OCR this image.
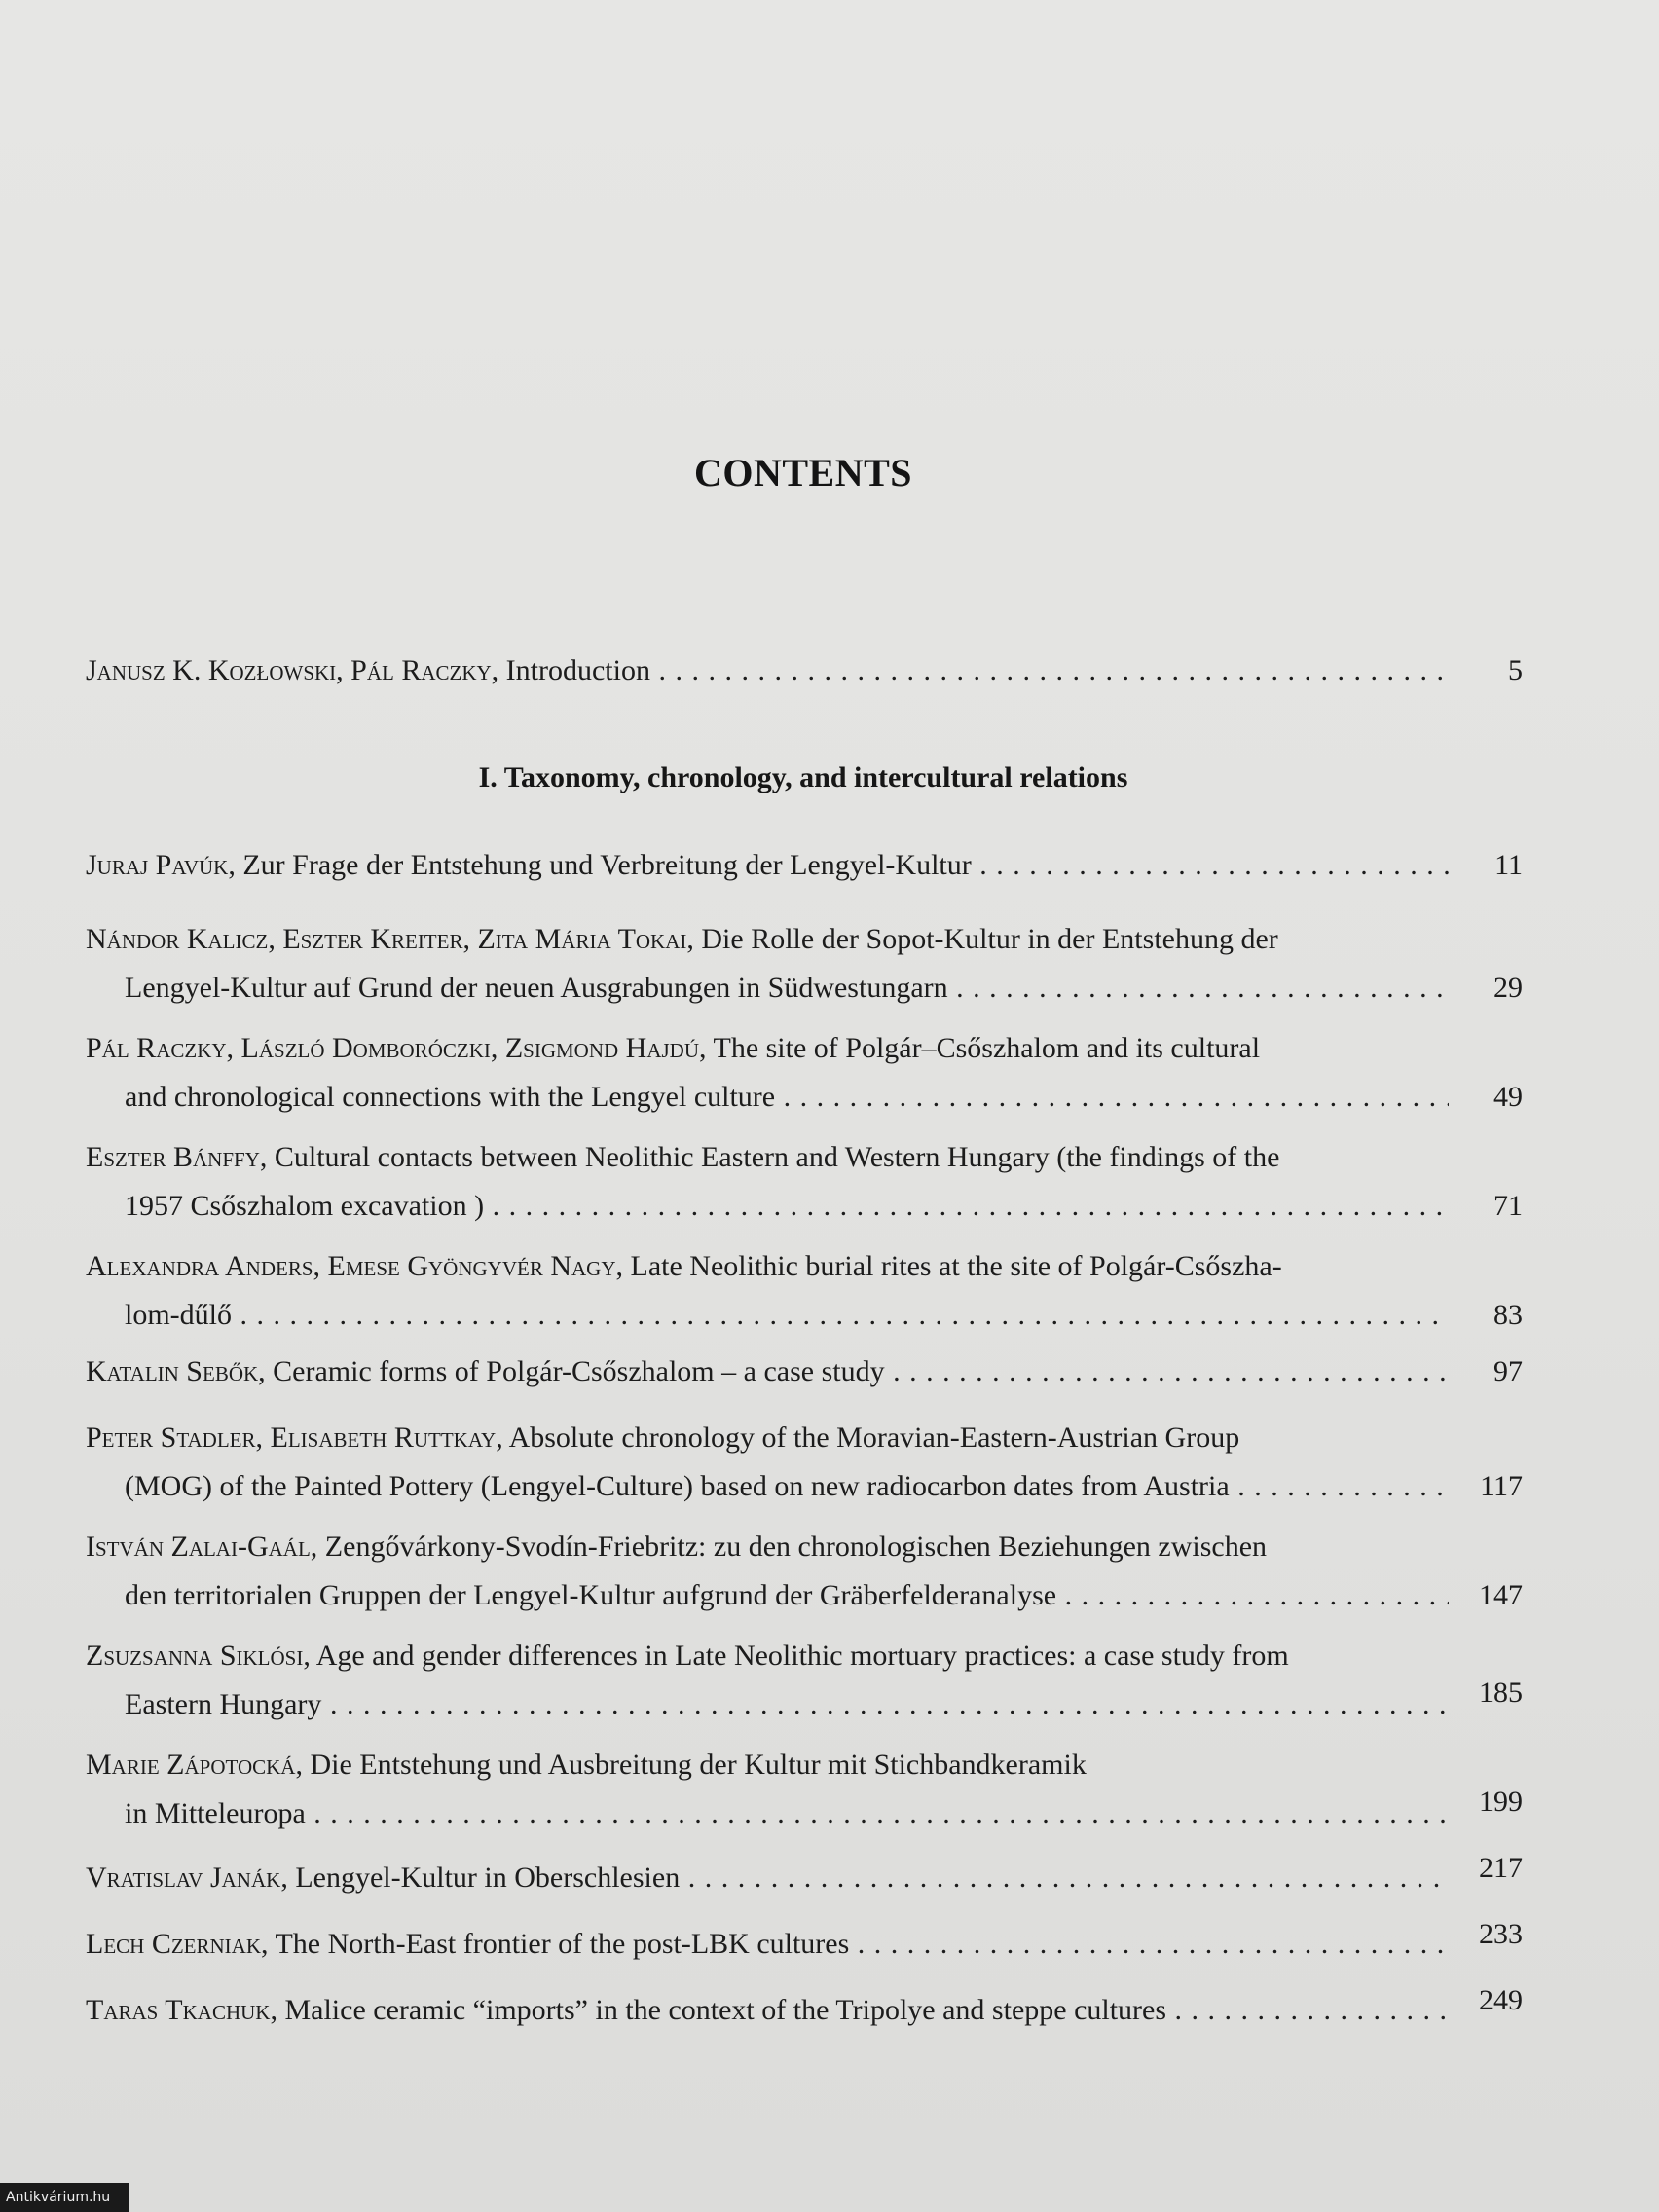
CONTENTS
Janusz K. Kozłowski, Pál Raczky, Introduction . . .	5
I. Taxonomy, chronology, and intercultural relations
Juraj Pavúk, Zur Frage der Entstehung und Verbreitung der Lengyel-Kultur . . .	11
Nándor Kalicz, Eszter Kreiter, Zita Mária Tokai, Die Rolle der Sopot-Kultur in der Entstehung der
Lengyel-Kultur auf Grund der neuen Ausgrabungen in Südwestungarn . . .	29
Pál Raczky, László Domboróczki, Zsigmond Hajdú, The site of Polgár–Csőszhalom and its cultural
and chronological connections with the Lengyel culture . . .	49
Eszter Bánffy, Cultural contacts between Neolithic Eastern and Western Hungary (the findings of the
1957 Csőszhalom excavation ) . . .	71
Alexandra Anders, Emese Gyöngyvér Nagy, Late Neolithic burial rites at the site of Polgár-Csőszha-
lom-dűlő . . .	83
Katalin Sebők, Ceramic forms of Polgár-Csőszhalom – a case study . . .	97
Peter Stadler, Elisabeth Ruttkay, Absolute chronology of the Moravian-Eastern-Austrian Group
(MOG) of the Painted Pottery (Lengyel-Culture) based on new radiocarbon dates from Austria . . .	117
István Zalai-Gaál, Zengővárkony-Svodín-Friebritz: zu den chronologischen Beziehungen zwischen
den territorialen Gruppen der Lengyel-Kultur aufgrund der Gräberfelderanalyse . . .	147
Zsuzsanna Siklósi, Age and gender differences in Late Neolithic mortuary practices: a case study from
Eastern Hungary . . .	185
Marie Zápotocká, Die Entstehung und Ausbreitung der Kultur mit Stichbandkeramik
in Mitteleuropa . . .	199
Vratislav Janák, Lengyel-Kultur in Oberschlesien . . .	217
Lech Czerniak, The North-East frontier of the post-LBK cultures . . .	233
Taras Tkachuk, Malice ceramic “imports” in the context of the Tripolye and steppe cultures . . .	249
Antikvárium.hu
